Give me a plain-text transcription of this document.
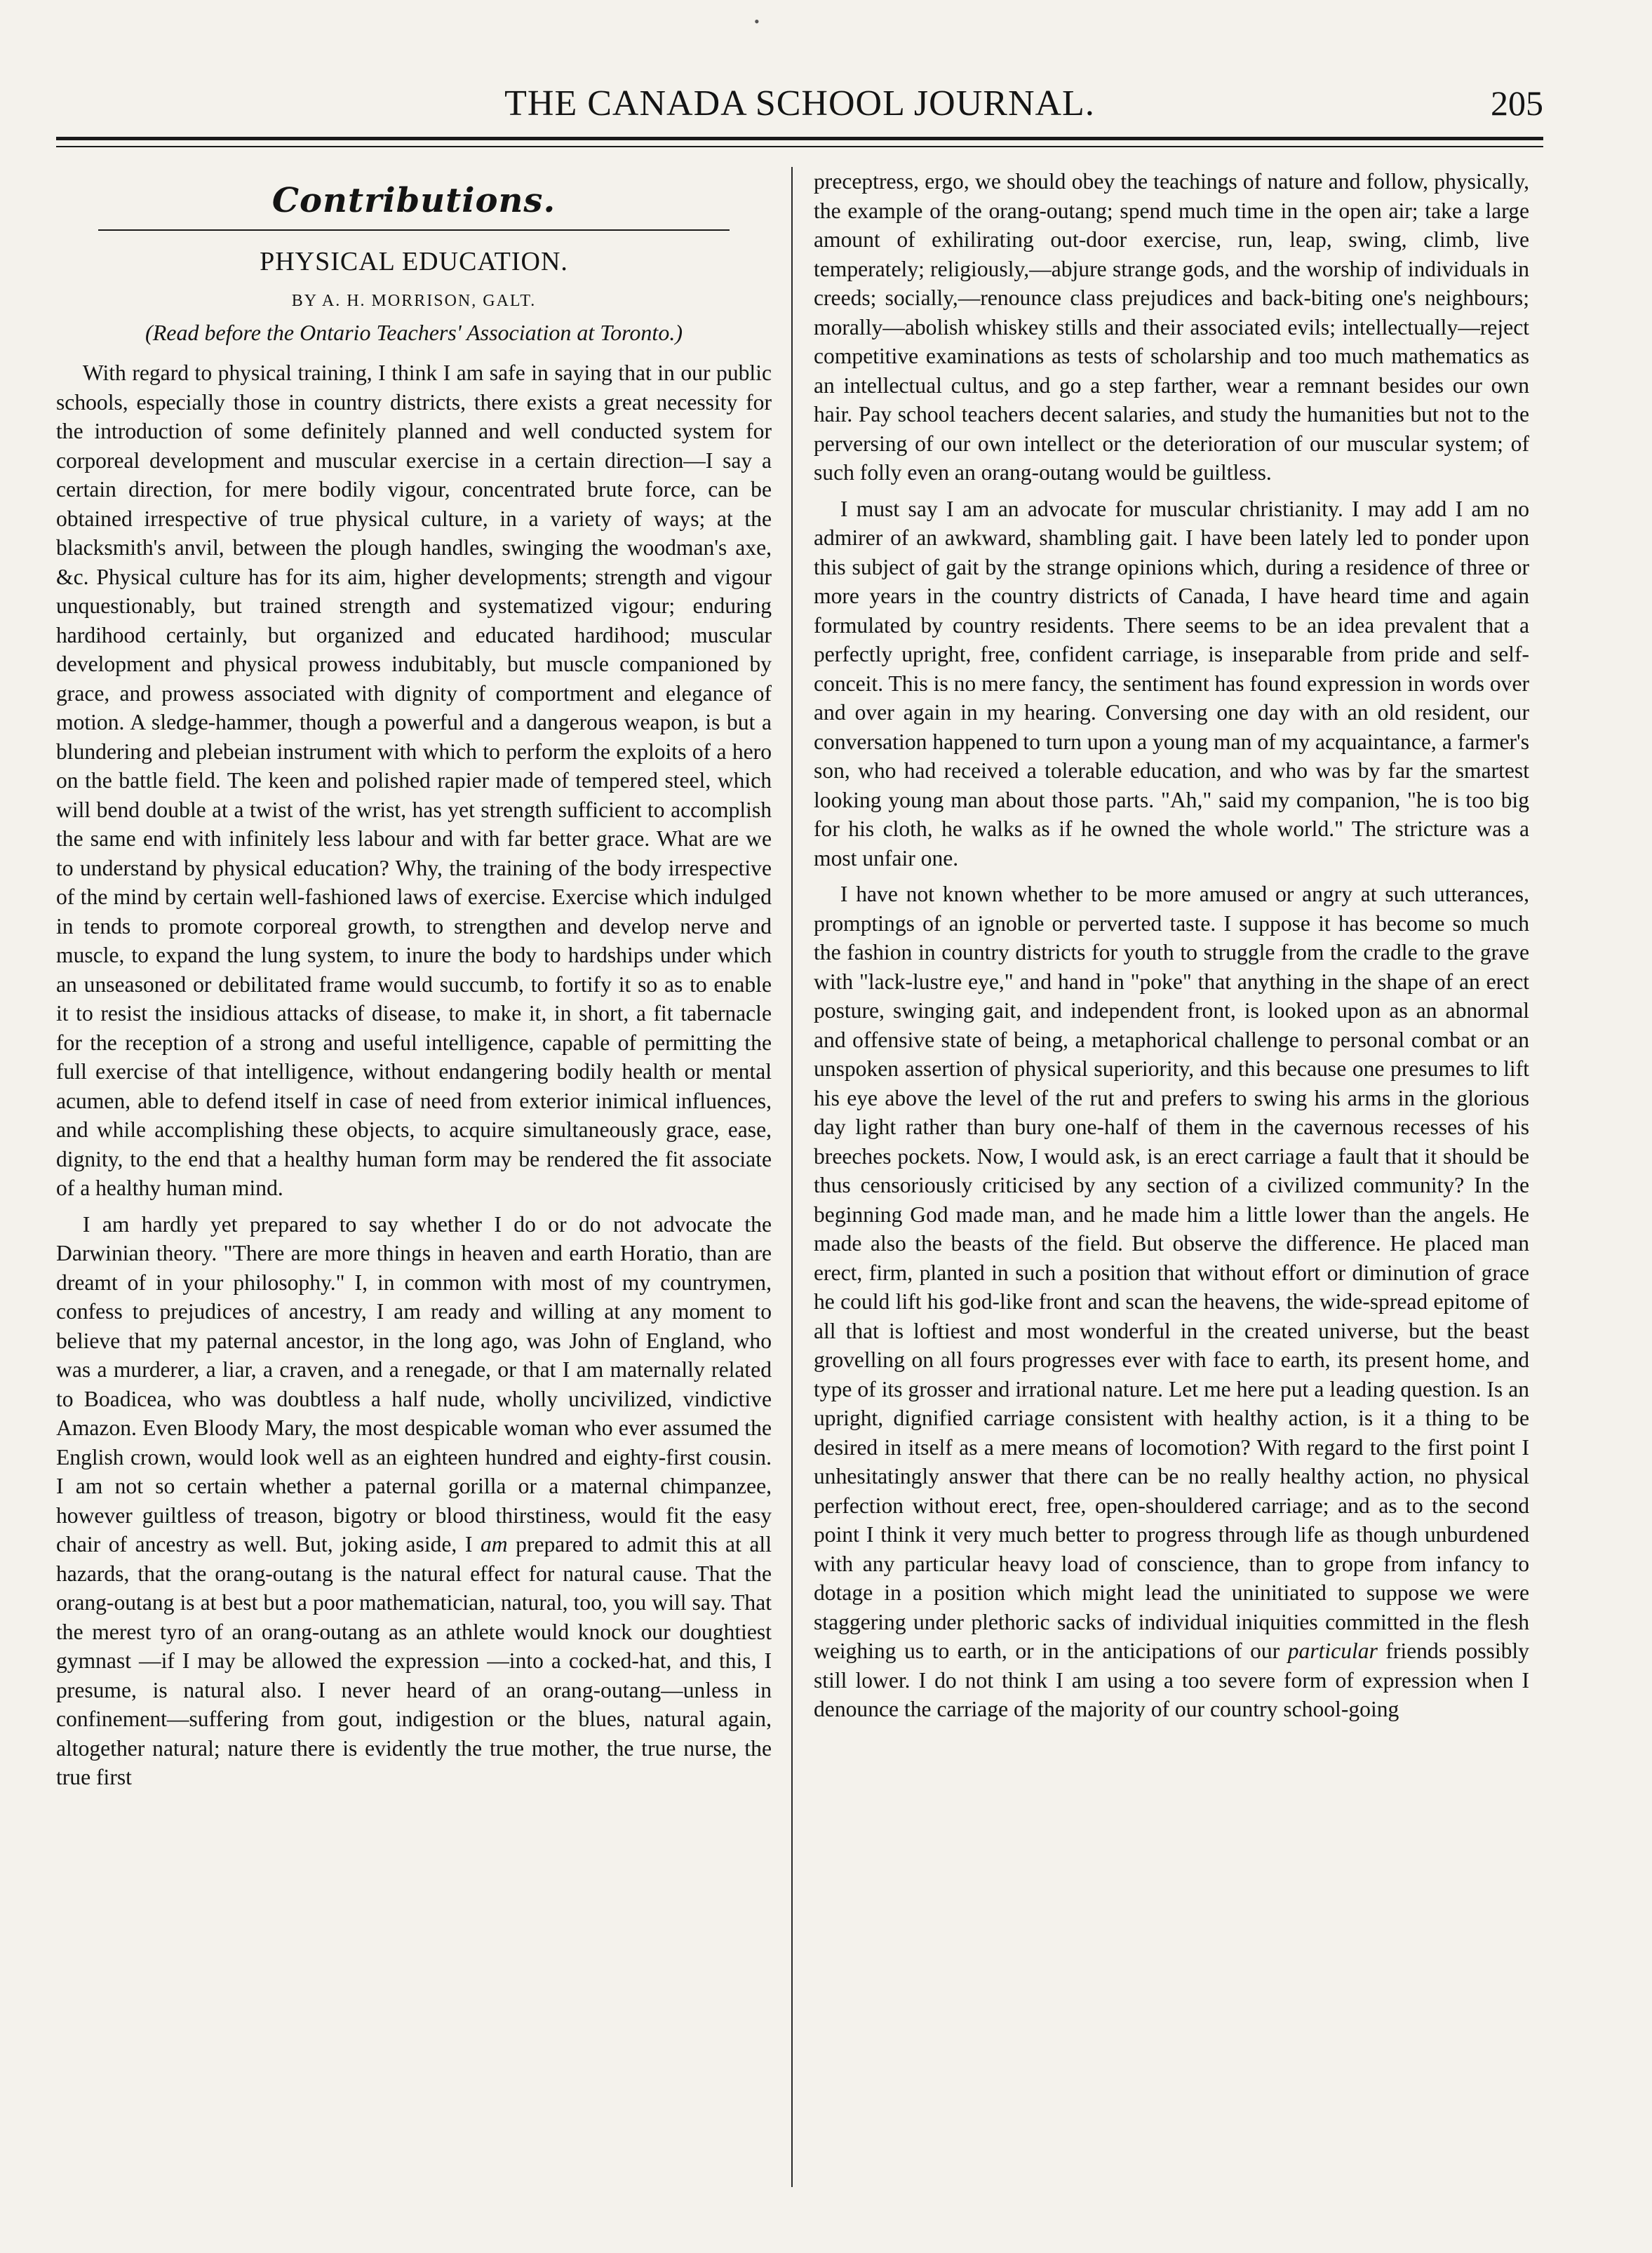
•
THE CANADA SCHOOL JOURNAL.	205
Contributions.
PHYSICAL EDUCATION.
BY A. H. MORRISON, GALT.
(Read before the Ontario Teachers' Association at Toronto.)

With regard to physical training, I think I am safe in saying that in our public schools, especially those in country districts, there exists a great necessity for the introduction of some definitely planned and well conducted system for corporeal development and muscular exercise in a certain direction—I say a certain direction, for mere bodily vigour, concentrated brute force, can be obtained irrespective of true physical culture, in a variety of ways; at the blacksmith's anvil, between the plough handles, swinging the woodman's axe, &c. Physical culture has for its aim, higher developments; strength and vigour unquestionably, but trained strength and systematized vigour; enduring hardihood certainly, but organized and educated hardihood; muscular development and physical prowess indubitably, but muscle companioned by grace, and prowess associated with dignity of comportment and elegance of motion. A sledge-hammer, though a powerful and a dangerous weapon, is but a blundering and plebeian instrument with which to perform the exploits of a hero on the battle field. The keen and polished rapier made of tempered steel, which will bend double at a twist of the wrist, has yet strength sufficient to accomplish the same end with infinitely less labour and with far better grace. What are we to understand by physical education? Why, the training of the body irrespective of the mind by certain well-fashioned laws of exercise. Exercise which indulged in tends to promote corporeal growth, to strengthen and develop nerve and muscle, to expand the lung system, to inure the body to hardships under which an unseasoned or debilitated frame would succumb, to fortify it so as to enable it to resist the insidious attacks of disease, to make it, in short, a fit tabernacle for the reception of a strong and useful intelligence, capable of permitting the full exercise of that intelligence, without endangering bodily health or mental acumen, able to defend itself in case of need from exterior inimical influences, and while accomplishing these objects, to acquire simultaneously grace, ease, dignity, to the end that a healthy human form may be rendered the fit associate of a healthy human mind.

I am hardly yet prepared to say whether I do or do not advocate the Darwinian theory. "There are more things in heaven and earth Horatio, than are dreamt of in your philosophy." I, in common with most of my countrymen, confess to prejudices of ancestry, I am ready and willing at any moment to believe that my paternal ancestor, in the long ago, was John of England, who was a murderer, a liar, a craven, and a renegade, or that I am maternally related to Boadicea, who was doubtless a half nude, wholly uncivilized, vindictive Amazon. Even Bloody Mary, the most despicable woman who ever assumed the English crown, would look well as an eighteen hundred and eighty-first cousin. I am not so certain whether a paternal gorilla or a maternal chimpanzee, however guiltless of treason, bigotry or blood thirstiness, would fit the easy chair of ancestry as well. But, joking aside, I am prepared to admit this at all hazards, that the orang-outang is the natural effect for natural cause. That the orang-outang is at best but a poor mathematician, natural, too, you will say. That the merest tyro of an orang-outang as an athlete would knock our doughtiest gymnast —if I may be allowed the expression —into a cocked-hat, and this, I presume, is natural also. I never heard of an orang-outang—unless in confinement—suffering from gout, indigestion or the blues, natural again, altogether natural; nature there is evidently the true mother, the true nurse, the true first

preceptress, ergo, we should obey the teachings of nature and follow, physically, the example of the orang-outang; spend much time in the open air; take a large amount of exhilirating out-door exercise, run, leap, swing, climb, live temperately; religiously,—abjure strange gods, and the worship of individuals in creeds; socially,—renounce class prejudices and back-biting one's neighbours; morally—abolish whiskey stills and their associated evils; intellectually—reject competitive examinations as tests of scholarship and too much mathematics as an intellectual cultus, and go a step farther, wear a remnant besides our own hair. Pay school teachers decent salaries, and study the humanities but not to the perversing of our own intellect or the deterioration of our muscular system; of such folly even an orang-outang would be guiltless.

I must say I am an advocate for muscular christianity. I may add I am no admirer of an awkward, shambling gait. I have been lately led to ponder upon this subject of gait by the strange opinions which, during a residence of three or more years in the country districts of Canada, I have heard time and again formulated by country residents. There seems to be an idea prevalent that a perfectly upright, free, confident carriage, is inseparable from pride and self-conceit. This is no mere fancy, the sentiment has found expression in words over and over again in my hearing. Conversing one day with an old resident, our conversation happened to turn upon a young man of my acquaintance, a farmer's son, who had received a tolerable education, and who was by far the smartest looking young man about those parts. "Ah," said my companion, "he is too big for his cloth, he walks as if he owned the whole world." The stricture was a most unfair one.

I have not known whether to be more amused or angry at such utterances, promptings of an ignoble or perverted taste. I suppose it has become so much the fashion in country districts for youth to struggle from the cradle to the grave with "lack-lustre eye," and hand in "poke" that anything in the shape of an erect posture, swinging gait, and independent front, is looked upon as an abnormal and offensive state of being, a metaphorical challenge to personal combat or an unspoken assertion of physical superiority, and this because one presumes to lift his eye above the level of the rut and prefers to swing his arms in the glorious day light rather than bury one-half of them in the cavernous recesses of his breeches pockets. Now, I would ask, is an erect carriage a fault that it should be thus censoriously criticised by any section of a civilized community? In the beginning God made man, and he made him a little lower than the angels. He made also the beasts of the field. But observe the difference. He placed man erect, firm, planted in such a position that without effort or diminution of grace he could lift his god-like front and scan the heavens, the wide-spread epitome of all that is loftiest and most wonderful in the created universe, but the beast grovelling on all fours progresses ever with face to earth, its present home, and type of its grosser and irrational nature. Let me here put a leading question. Is an upright, dignified carriage consistent with healthy action, is it a thing to be desired in itself as a mere means of locomotion? With regard to the first point I unhesitatingly answer that there can be no really healthy action, no physical perfection without erect, free, open-shouldered carriage; and as to the second point I think it very much better to progress through life as though unburdened with any particular heavy load of conscience, than to grope from infancy to dotage in a position which might lead the uninitiated to suppose we were staggering under plethoric sacks of individual iniquities committed in the flesh weighing us to earth, or in the anticipations of our particular friends possibly still lower. I do not think I am using a too severe form of expression when I denounce the carriage of the majority of our country school-going
